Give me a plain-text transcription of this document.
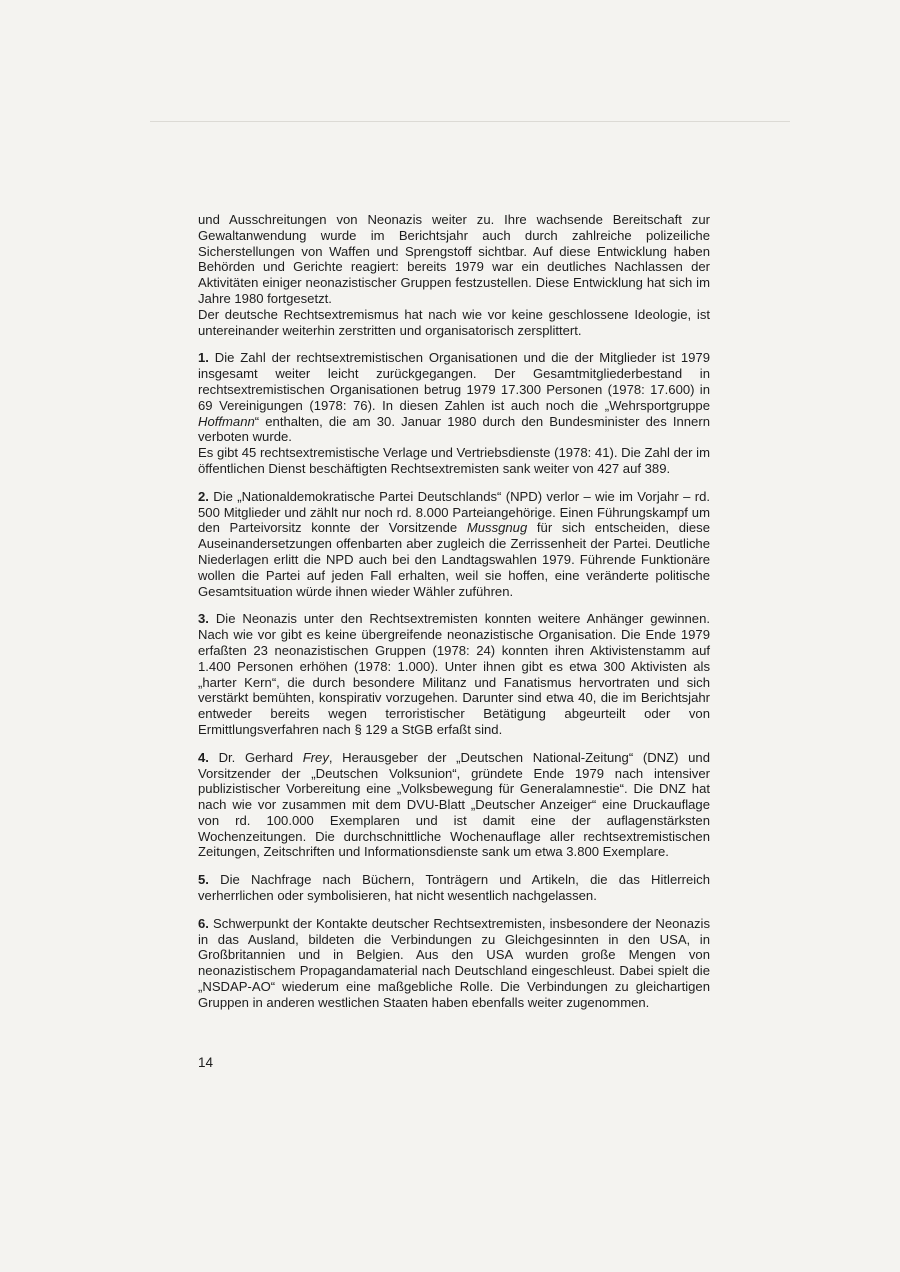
und Ausschreitungen von Neonazis weiter zu. Ihre wachsende Bereitschaft zur Gewaltanwendung wurde im Berichtsjahr auch durch zahlreiche polizeiliche Sicherstellungen von Waffen und Sprengstoff sichtbar. Auf diese Entwicklung haben Behörden und Gerichte reagiert: bereits 1979 war ein deutliches Nachlassen der Aktivitäten einiger neonazistischer Gruppen festzustellen. Diese Entwicklung hat sich im Jahre 1980 fortgesetzt.

Der deutsche Rechtsextremismus hat nach wie vor keine geschlossene Ideologie, ist untereinander weiterhin zerstritten und organisatorisch zersplittert.

1. Die Zahl der rechtsextremistischen Organisationen und die der Mitglieder ist 1979 insgesamt weiter leicht zurückgegangen. Der Gesamtmitgliederbestand in rechtsextremistischen Organisationen betrug 1979 17.300 Personen (1978: 17.600) in 69 Vereinigungen (1978: 76). In diesen Zahlen ist auch noch die „Wehrsportgruppe Hoffmann“ enthalten, die am 30. Januar 1980 durch den Bundesminister des Innern verboten wurde.

Es gibt 45 rechtsextremistische Verlage und Vertriebsdienste (1978: 41). Die Zahl der im öffentlichen Dienst beschäftigten Rechtsextremisten sank weiter von 427 auf 389.

2. Die „Nationaldemokratische Partei Deutschlands“ (NPD) verlor – wie im Vorjahr – rd. 500 Mitglieder und zählt nur noch rd. 8.000 Parteiangehörige. Einen Führungskampf um den Parteivorsitz konnte der Vorsitzende Mussgnug für sich entscheiden, diese Auseinandersetzungen offenbarten aber zugleich die Zerrissenheit der Partei. Deutliche Niederlagen erlitt die NPD auch bei den Landtagswahlen 1979. Führende Funktionäre wollen die Partei auf jeden Fall erhalten, weil sie hoffen, eine veränderte politische Gesamtsituation würde ihnen wieder Wähler zuführen.

3. Die Neonazis unter den Rechtsextremisten konnten weitere Anhänger gewinnen. Nach wie vor gibt es keine übergreifende neonazistische Organisation. Die Ende 1979 erfaßten 23 neonazistischen Gruppen (1978: 24) konnten ihren Aktivistenstamm auf 1.400 Personen erhöhen (1978: 1.000). Unter ihnen gibt es etwa 300 Aktivisten als „harter Kern“, die durch besondere Militanz und Fanatismus hervortraten und sich verstärkt bemühten, konspirativ vorzugehen. Darunter sind etwa 40, die im Berichtsjahr entweder bereits wegen terroristischer Betätigung abgeurteilt oder von Ermittlungsverfahren nach § 129 a StGB erfaßt sind.

4. Dr. Gerhard Frey, Herausgeber der „Deutschen National-Zeitung“ (DNZ) und Vorsitzender der „Deutschen Volksunion“, gründete Ende 1979 nach intensiver publizistischer Vorbereitung eine „Volksbewegung für Generalamnestie“. Die DNZ hat nach wie vor zusammen mit dem DVU-Blatt „Deutscher Anzeiger“ eine Druckauflage von rd. 100.000 Exemplaren und ist damit eine der auflagenstärksten Wochenzeitungen. Die durchschnittliche Wochenauflage aller rechtsextremistischen Zeitungen, Zeitschriften und Informationsdienste sank um etwa 3.800 Exemplare.

5. Die Nachfrage nach Büchern, Tonträgern und Artikeln, die das Hitlerreich verherrlichen oder symbolisieren, hat nicht wesentlich nachgelassen.

6. Schwerpunkt der Kontakte deutscher Rechtsextremisten, insbesondere der Neonazis in das Ausland, bildeten die Verbindungen zu Gleichgesinnten in den USA, in Großbritannien und in Belgien. Aus den USA wurden große Mengen von neonazistischem Propagandamaterial nach Deutschland eingeschleust. Dabei spielt die „NSDAP-AO“ wiederum eine maßgebliche Rolle. Die Verbindungen zu gleichartigen Gruppen in anderen westlichen Staaten haben ebenfalls weiter zugenommen.

14
